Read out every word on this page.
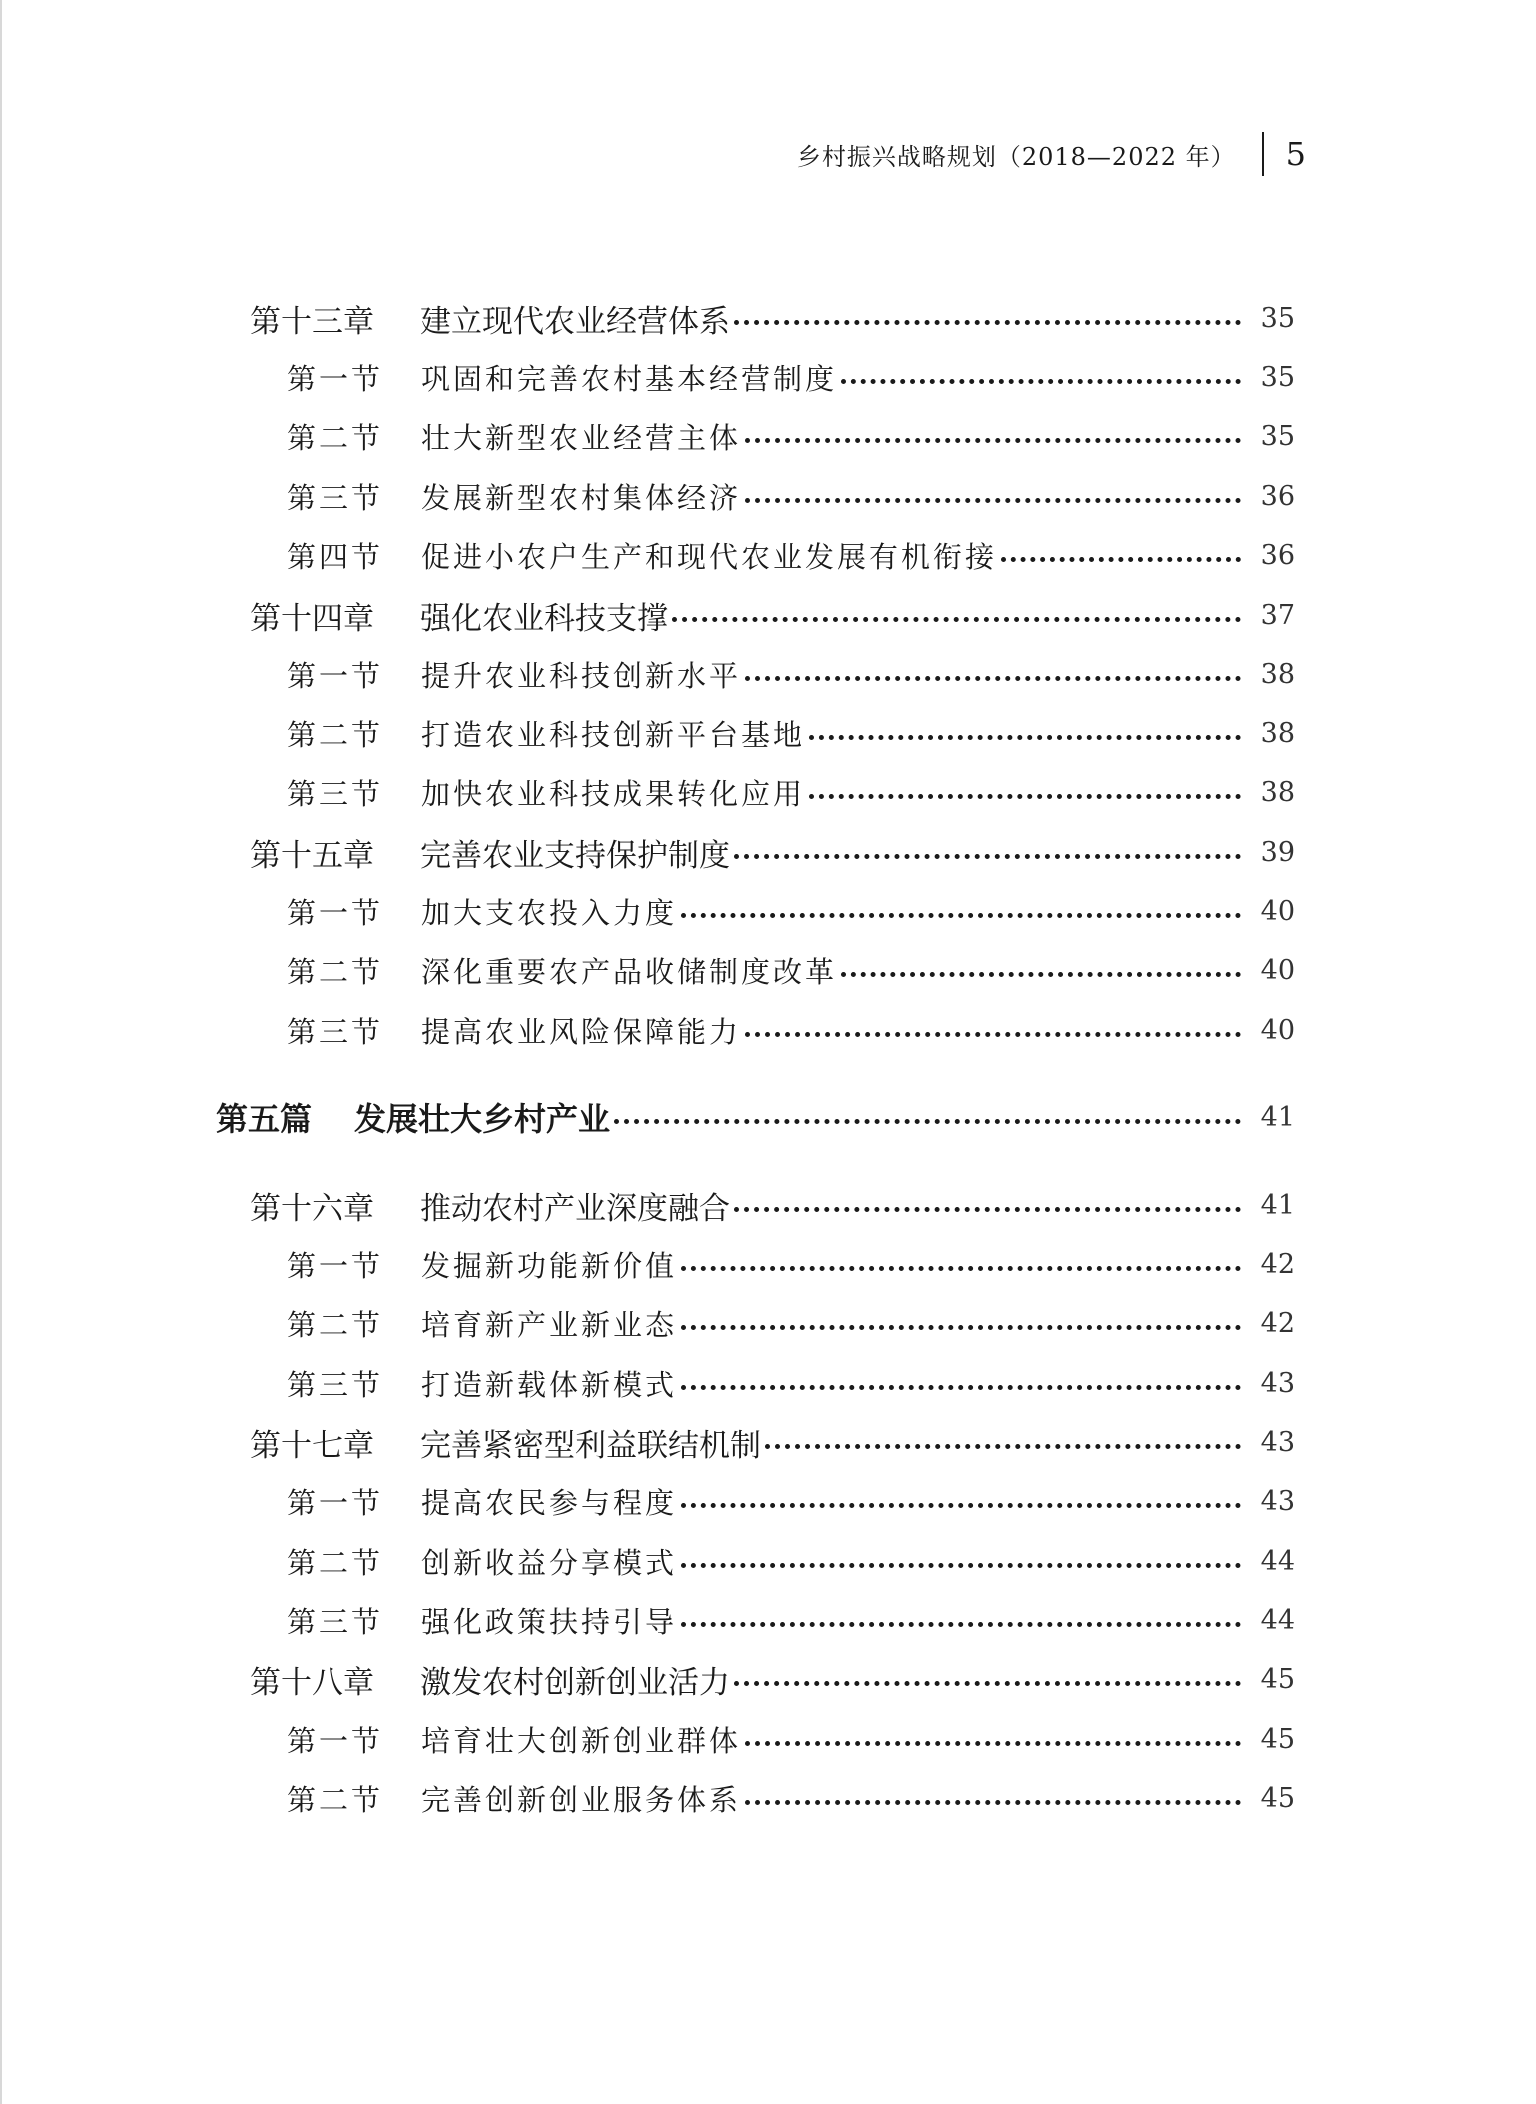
乡村振兴战略规划（2018—2022 年） 5
第十三章	建立现代农业经营体系	35
第一节	巩固和完善农村基本经营制度	35
第二节	壮大新型农业经营主体	35
第三节	发展新型农村集体经济	36
第四节	促进小农户生产和现代农业发展有机衔接	36
第十四章	强化农业科技支撑	37
第一节	提升农业科技创新水平	38
第二节	打造农业科技创新平台基地	38
第三节	加快农业科技成果转化应用	38
第十五章	完善农业支持保护制度	39
第一节	加大支农投入力度	40
第二节	深化重要农产品收储制度改革	40
第三节	提高农业风险保障能力	40
第五篇	发展壮大乡村产业	41
第十六章	推动农村产业深度融合	41
第一节	发掘新功能新价值	42
第二节	培育新产业新业态	42
第三节	打造新载体新模式	43
第十七章	完善紧密型利益联结机制	43
第一节	提高农民参与程度	43
第二节	创新收益分享模式	44
第三节	强化政策扶持引导	44
第十八章	激发农村创新创业活力	45
第一节	培育壮大创新创业群体	45
第二节	完善创新创业服务体系	45
